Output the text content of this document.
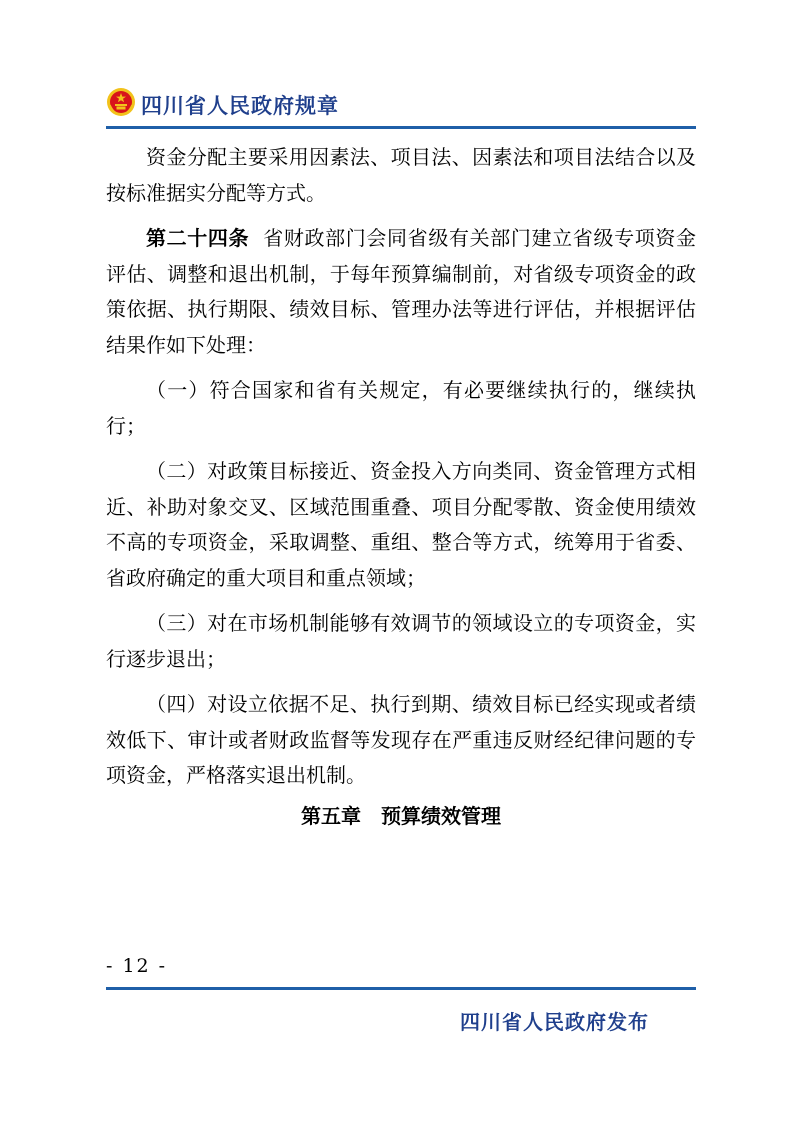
四川省人民政府规章

资金分配主要采用因素法、项目法、因素法和项目法结合以及按标准据实分配等方式。

第二十四条 省财政部门会同省级有关部门建立省级专项资金评估、调整和退出机制，于每年预算编制前，对省级专项资金的政策依据、执行期限、绩效目标、管理办法等进行评估，并根据评估结果作如下处理：

（一）符合国家和省有关规定，有必要继续执行的，继续执行；

（二）对政策目标接近、资金投入方向类同、资金管理方式相近、补助对象交叉、区域范围重叠、项目分配零散、资金使用绩效不高的专项资金，采取调整、重组、整合等方式，统筹用于省委、省政府确定的重大项目和重点领域；

（三）对在市场机制能够有效调节的领域设立的专项资金，实行逐步退出；

（四）对设立依据不足、执行到期、绩效目标已经实现或者绩效低下、审计或者财政监督等发现存在严重违反财经纪律问题的专项资金，严格落实退出机制。

第五章　预算绩效管理

- 12 -
四川省人民政府发布
